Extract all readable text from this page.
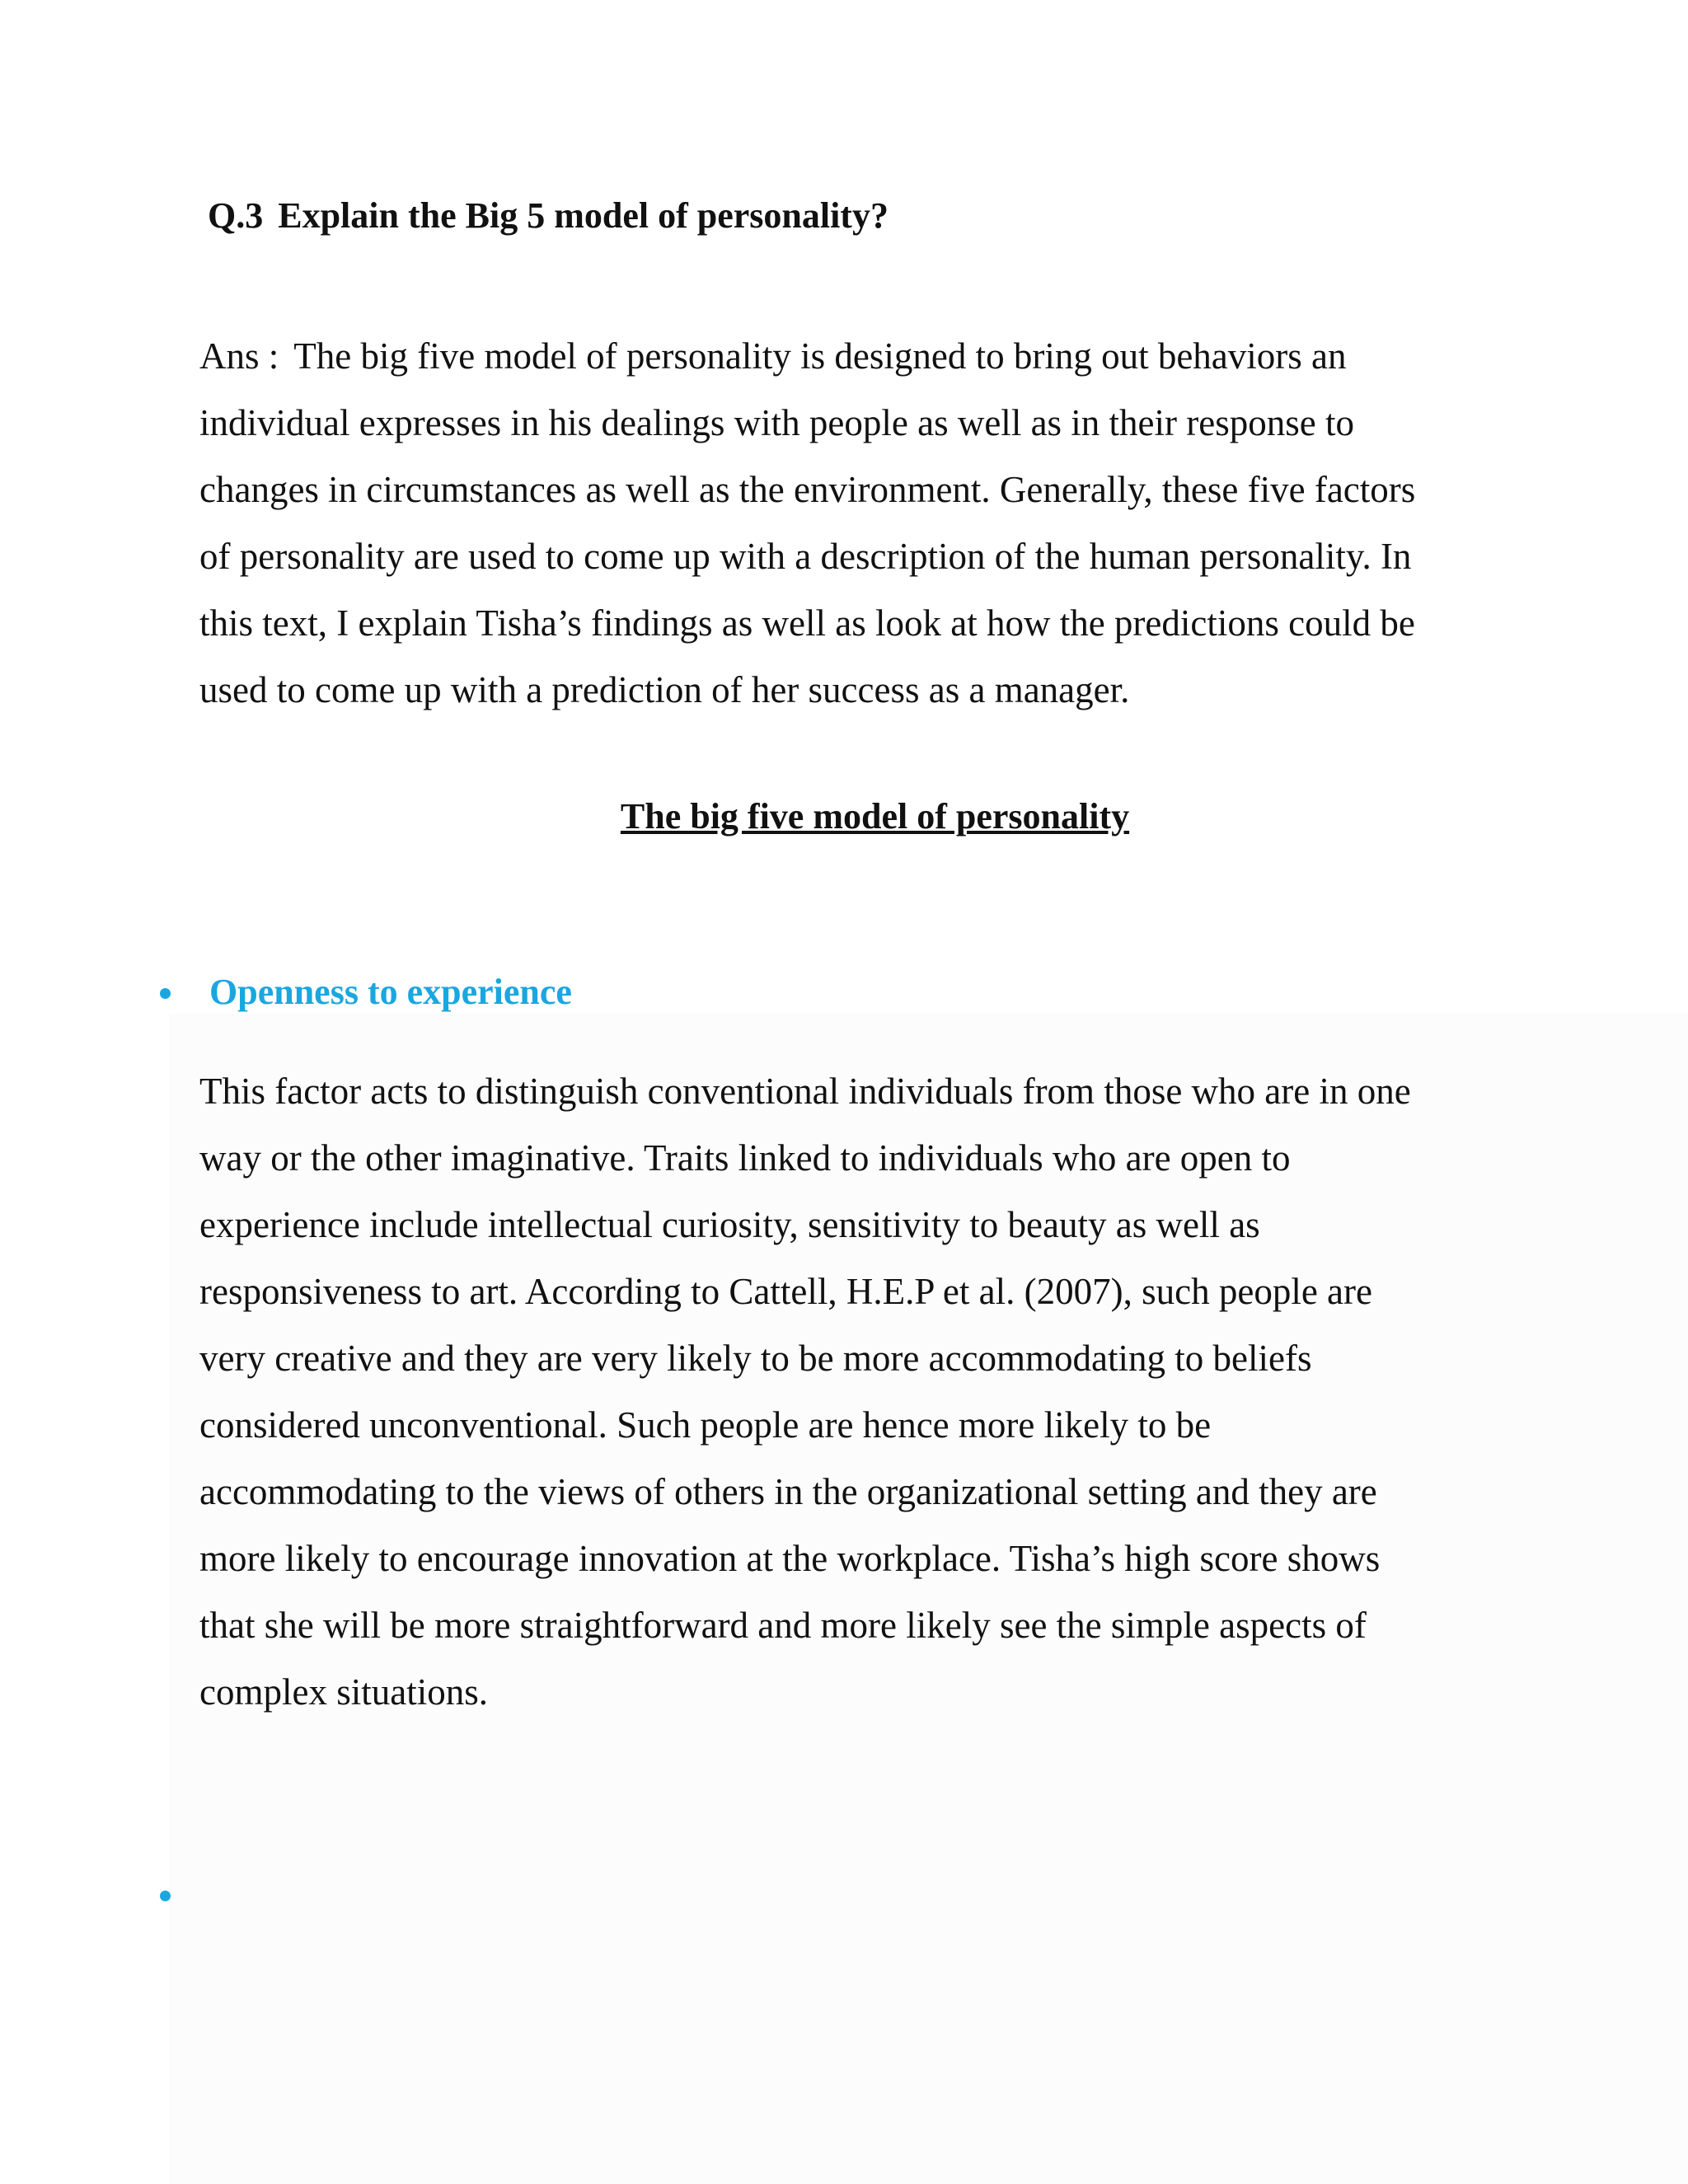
Q.3 Explain the Big 5 model of personality?

Ans : The big five model of personality is designed to bring out behaviors an
individual expresses in his dealings with people as well as in their response to
changes in circumstances as well as the environment. Generally, these five factors
of personality are used to come up with a description of the human personality. In
this text, I explain Tisha’s findings as well as look at how the predictions could be
used to come up with a prediction of her success as a manager.

The big five model of personality
Openness to experience

This factor acts to distinguish conventional individuals from those who are in one
way or the other imaginative. Traits linked to individuals who are open to
experience include intellectual curiosity, sensitivity to beauty as well as
responsiveness to art. According to Cattell, H.E.P et al. (2007), such people are
very creative and they are very likely to be more accommodating to beliefs
considered unconventional. Such people are hence more likely to be
accommodating to the views of others in the organizational setting and they are
more likely to encourage innovation at the workplace. Tisha’s high score shows
that she will be more straightforward and more likely see the simple aspects of
complex situations.
